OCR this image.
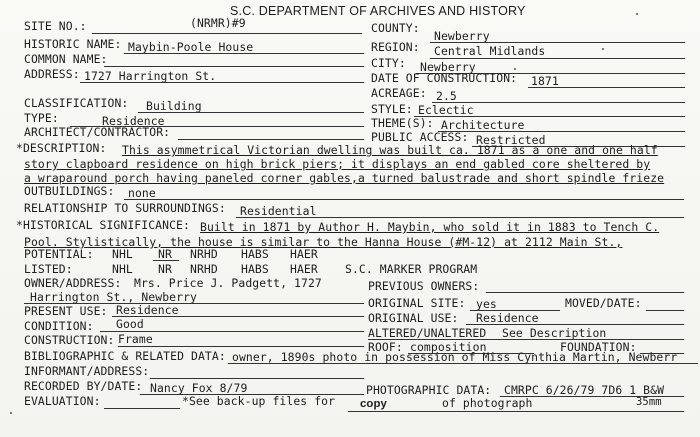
S.C. DEPARTMENT OF ARCHIVES AND HISTORY
SITE NO.:	(NRMR)#9	COUNTY:
Newberry
REGION: Central Midlands
CITY: Newberry
DATE OF CONSTRUCTION: 1871
ACREAGE: 2.5
STYLE: Eclectic
THEME(S): Architecture
PUBLIC ACCESS: Restricted
HISTORIC NAME: Maybin-Poole House
COMMON NAME:
ADDRESS: 1727 Harrington St.
CLASSIFICATION: Building
TYPE:	Residence
ARCHITECT/CONTRACTOR:
*DESCRIPTION: This asymmetrical Victorian dwelling was built ca. 1871 as a one and one half
story clapboard residence on high brick piers; it displays an end gabled core sheltered by
a wraparound porch having paneled corner gables,a turned balustrade and short spindle frieze
OUTBUILDINGS: none
RELATIONSHIP TO SURROUNDINGS: Residential
*HISTORICAL SIGNIFICANCE: Built in 1871 by Author H. Maybin, who sold it in 1883 to Tench C.
Pool. Stylistically, the house is similar to the Hanna House (#M-12) at 2112 Main St.,
POTENTIAL: NHL NR NRHD HABS HAER
LISTED:	NHL NR NRHD HABS HAER S.C. MARKER PROGRAM
OWNER/ADDRESS: Mrs. Price J. Padgett, 1727
Harrington St., Newberry
PREVIOUS OWNERS:
PRESENT USE: Residence	ORIGINAL SITE: yes	MOVED/DATE:
CONDITION: Good	ORIGINAL USE: Residence
CONSTRUCTION: Frame	ALTERED/UNALTERED See Description
ROOF: composition	FOUNDATION:
BIBLIOGRAPHIC & RELATED DATA: owner, 1890s photo in possession of Miss Cynthia Martin, Newberr
INFORMANT/ADDRESS:
RECORDED BY/DATE: Nancy Fox 8/79	PHOTOGRAPHIC DATA: CMRPC 6/26/79 7D6 1 B&W
EVALUATION:	*See back-up files for copy	of photograph	35mm
